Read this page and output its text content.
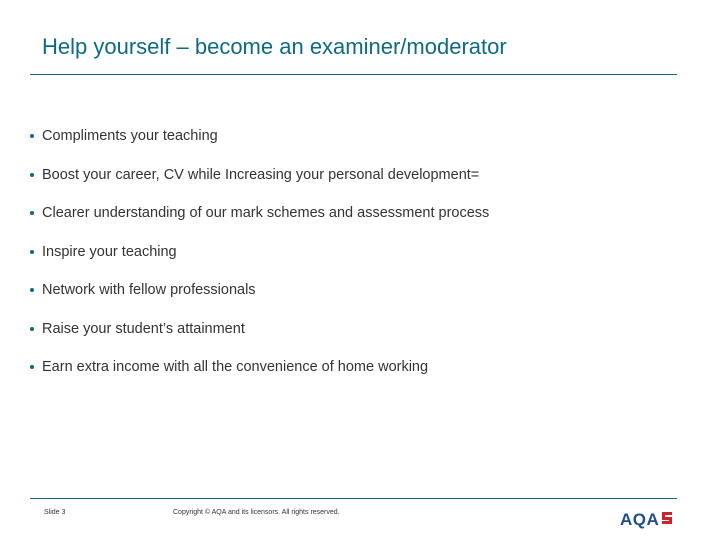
Help yourself – become an examiner/moderator
Compliments your teaching
Boost your career, CV while Increasing your personal development=
Clearer understanding of our mark schemes and assessment process
Inspire your teaching
Network with fellow professionals
Raise your student’s attainment
Earn extra income with all the convenience of home working
Slide 3	Copyright © AQA and its licensors. All rights reserved.	AQA
